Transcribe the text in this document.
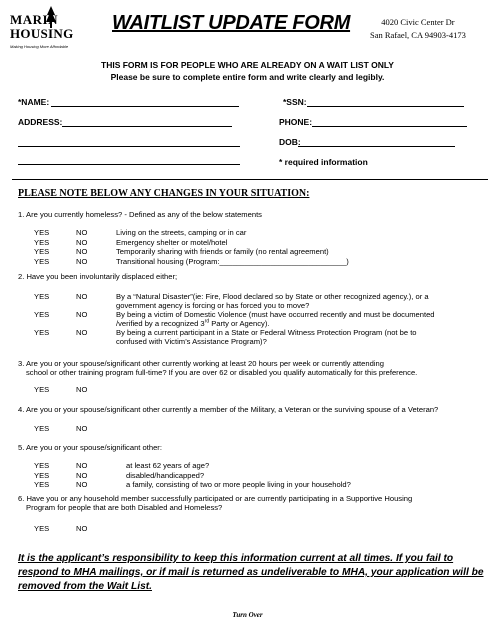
MARIN
HOUSING
Making Housing More Affordable
WAITLIST UPDATE FORM	4020 Civic Center Dr
San Rafael, CA 94903-4173
THIS FORM IS FOR PEOPLE WHO ARE ALREADY ON A WAIT LIST ONLY
Please be sure to complete entire form and write clearly and legibly.
*NAME:	*SSN:
ADDRESS:	PHONE:
DOB:
* required information
PLEASE NOTE BELOW ANY CHANGES IN YOUR SITUATION:
1. Are you currently homeless? - Defined as any of the below statements
YES	NO	Living on the streets, camping or in car
YES	NO	Emergency shelter or motel/hotel
YES	NO	Temporarily sharing with friends or family (no rental agreement)
YES	NO	Transitional housing (Program:______________________________)
2. Have you been involuntarily displaced either;
YES	NO	By a “Natural Disaster”(ie: Fire, Flood declared so by State or other recognized agency.), or a
government agency is forcing or has forced you to move?
YES	NO	By being a victim of Domestic Violence (must have occurred recently and must be documented
/verified by a recognized 3rd Party or Agency).
YES	NO	By being a current participant in a State or Federal Witness Protection Program (not be to
confused with Victim’s Assistance Program)?
3. Are you or your spouse/significant other currently working at least 20 hours per week or currently attending
school or other training program full-time? If you are over 62 or disabled you qualify automatically for this preference.
YES	NO
4. Are you or your spouse/significant other currently a member of the Military, a Veteran or the surviving spouse of a Veteran?
YES	NO
5. Are you or your spouse/significant other:
YES	NO	at least 62 years of age?
YES	NO	disabled/handicapped?
YES	NO	a family, consisting of two or more people living in your household?
6. Have you or any household member successfully participated or are currently participating in a Supportive Housing
Program for people that are both Disabled and Homeless?
YES	NO
It is the applicant’s responsibility to keep this information current at all times. If you fail to respond to MHA mailings, or if mail is returned as undeliverable to MHA, your application will be removed from the Wait List.
Turn Over
